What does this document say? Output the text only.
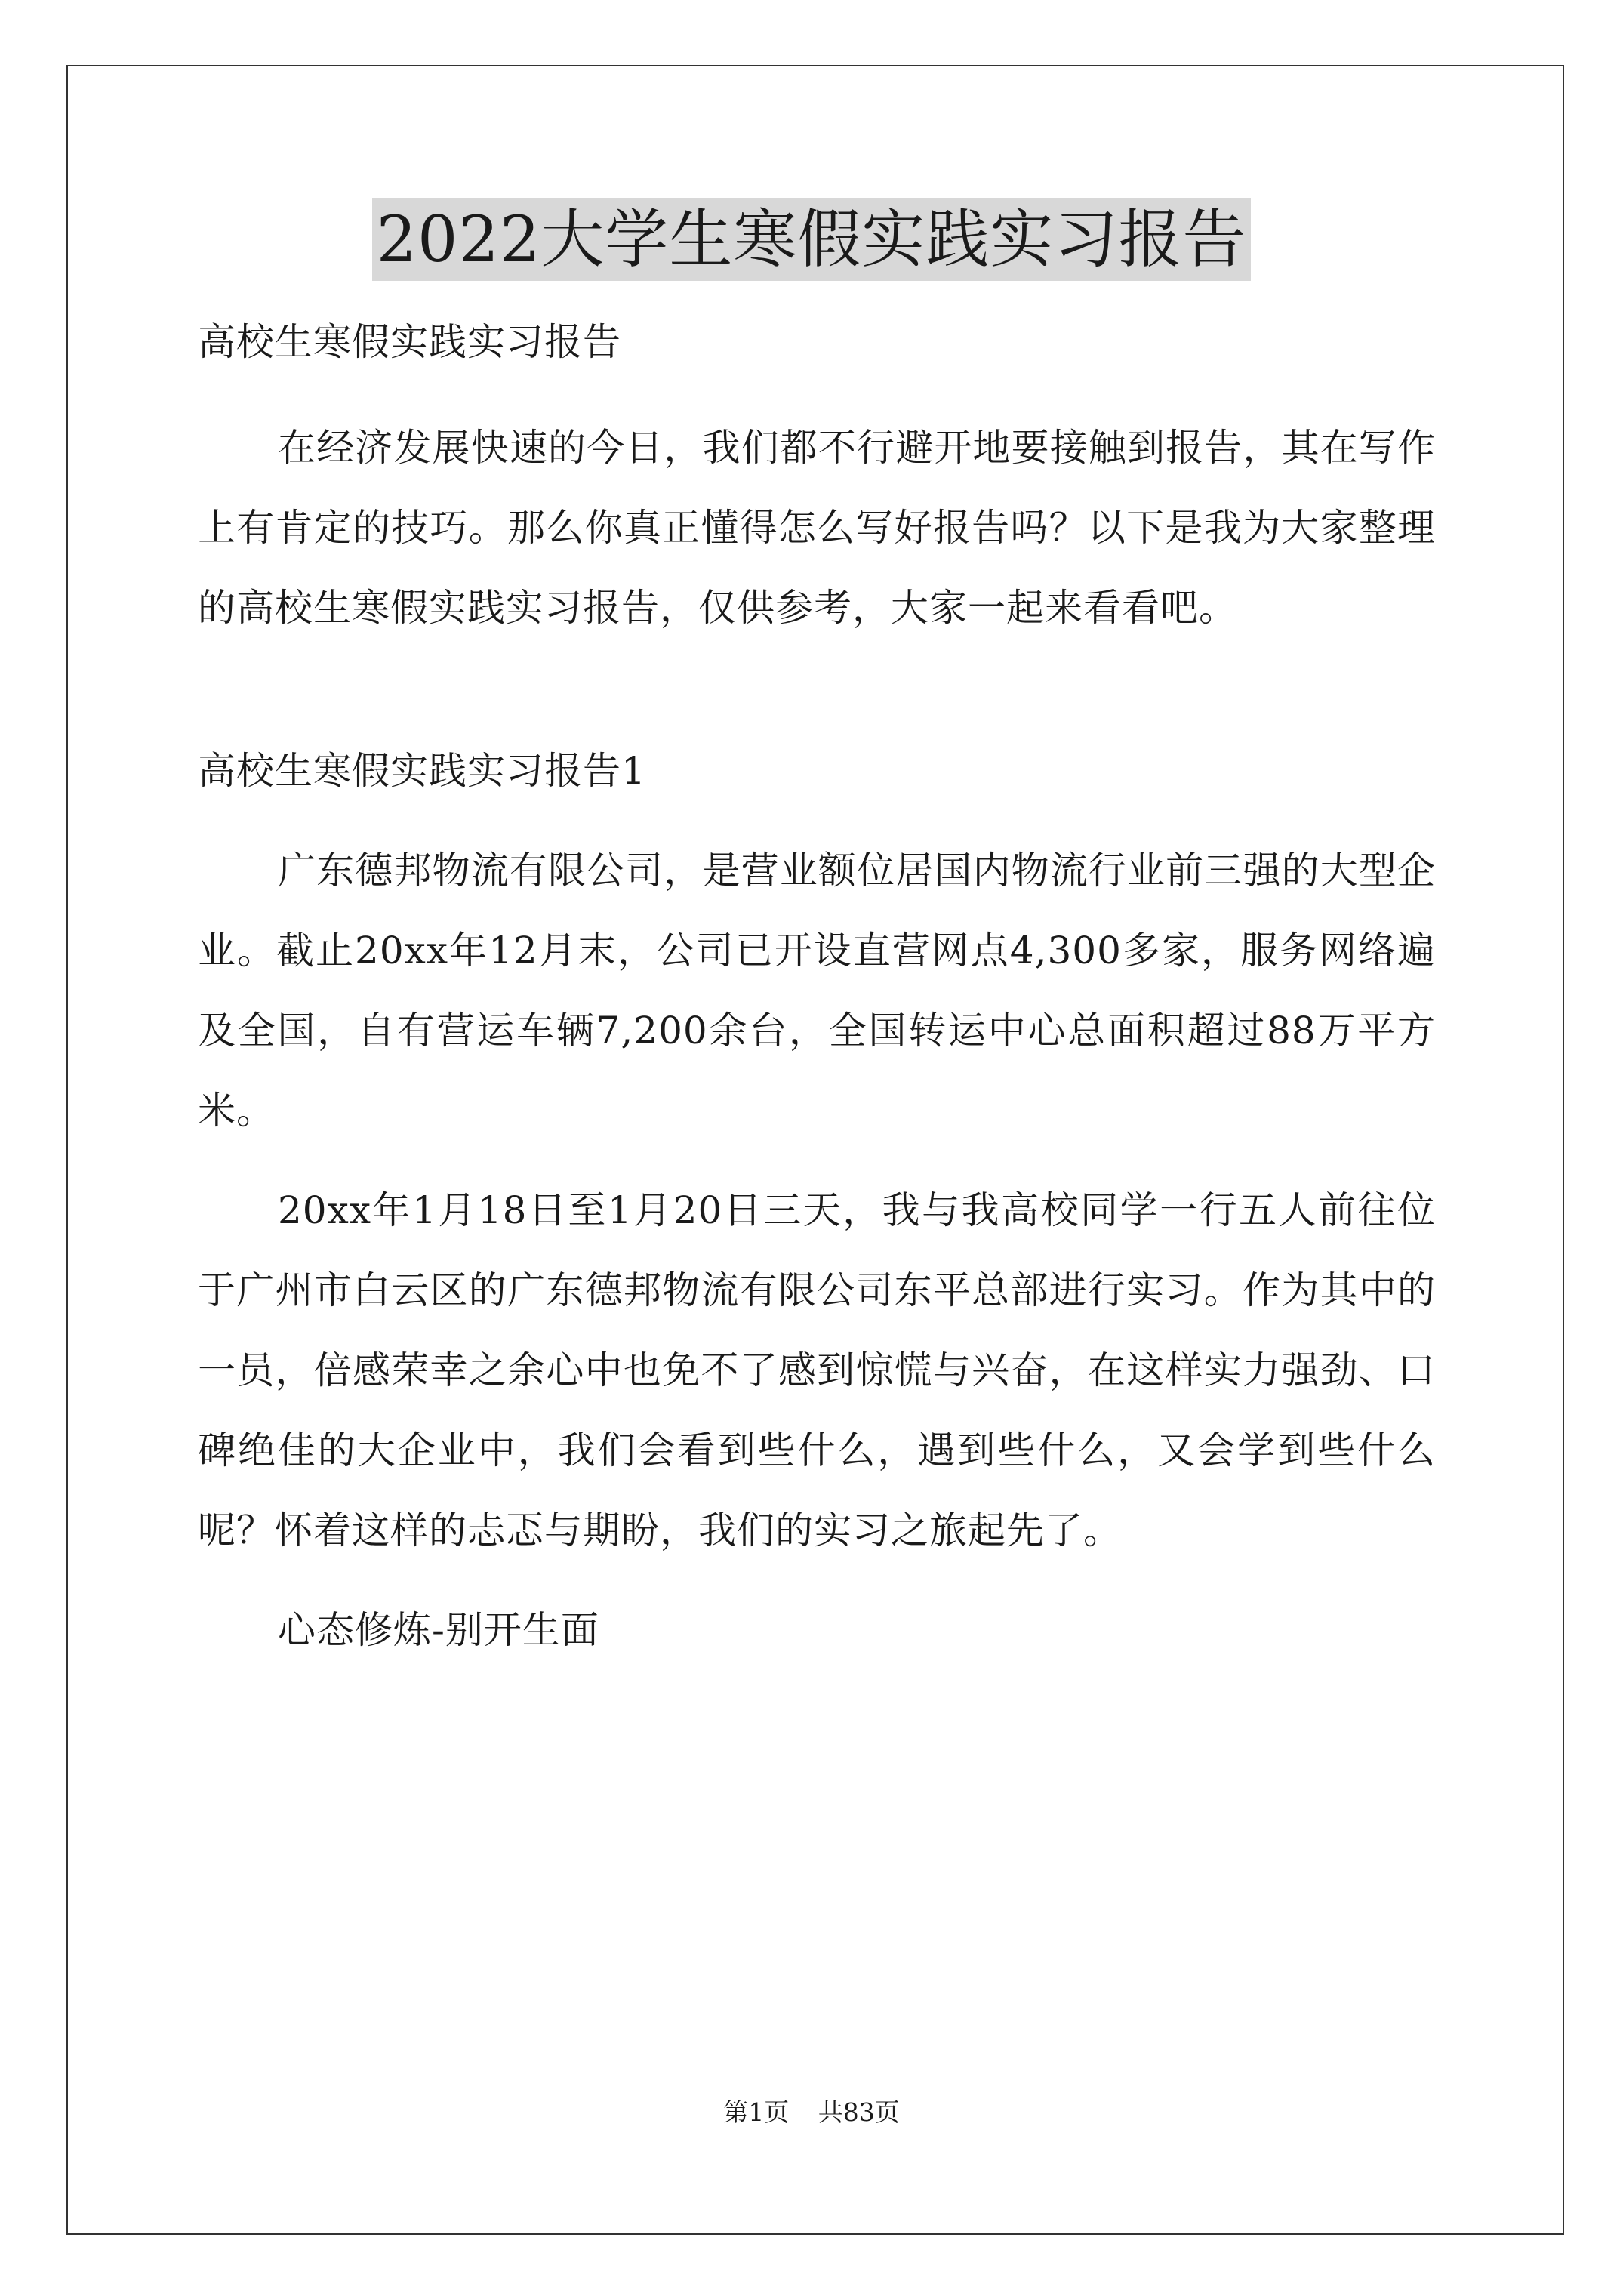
2022大学生寒假实践实习报告

高校生寒假实践实习报告

在经济发展快速的今日，我们都不行避开地要接触到报告，其在写作上有肯定的技巧。那么你真正懂得怎么写好报告吗？以下是我为大家整理的高校生寒假实践实习报告，仅供参考，大家一起来看看吧。

高校生寒假实践实习报告1

广东德邦物流有限公司，是营业额位居国内物流行业前三强的大型企业。截止20xx年12月末，公司已开设直营网点4,300多家，服务网络遍及全国，自有营运车辆7,200余台，全国转运中心总面积超过88万平方米。

20xx年1月18日至1月20日三天，我与我高校同学一行五人前往位于广州市白云区的广东德邦物流有限公司东平总部进行实习。作为其中的一员，倍感荣幸之余心中也免不了感到惊慌与兴奋，在这样实力强劲、口碑绝佳的大企业中，我们会看到些什么，遇到些什么，又会学到些什么呢？怀着这样的忐忑与期盼，我们的实习之旅起先了。

心态修炼-别开生面

第1页 共83页
